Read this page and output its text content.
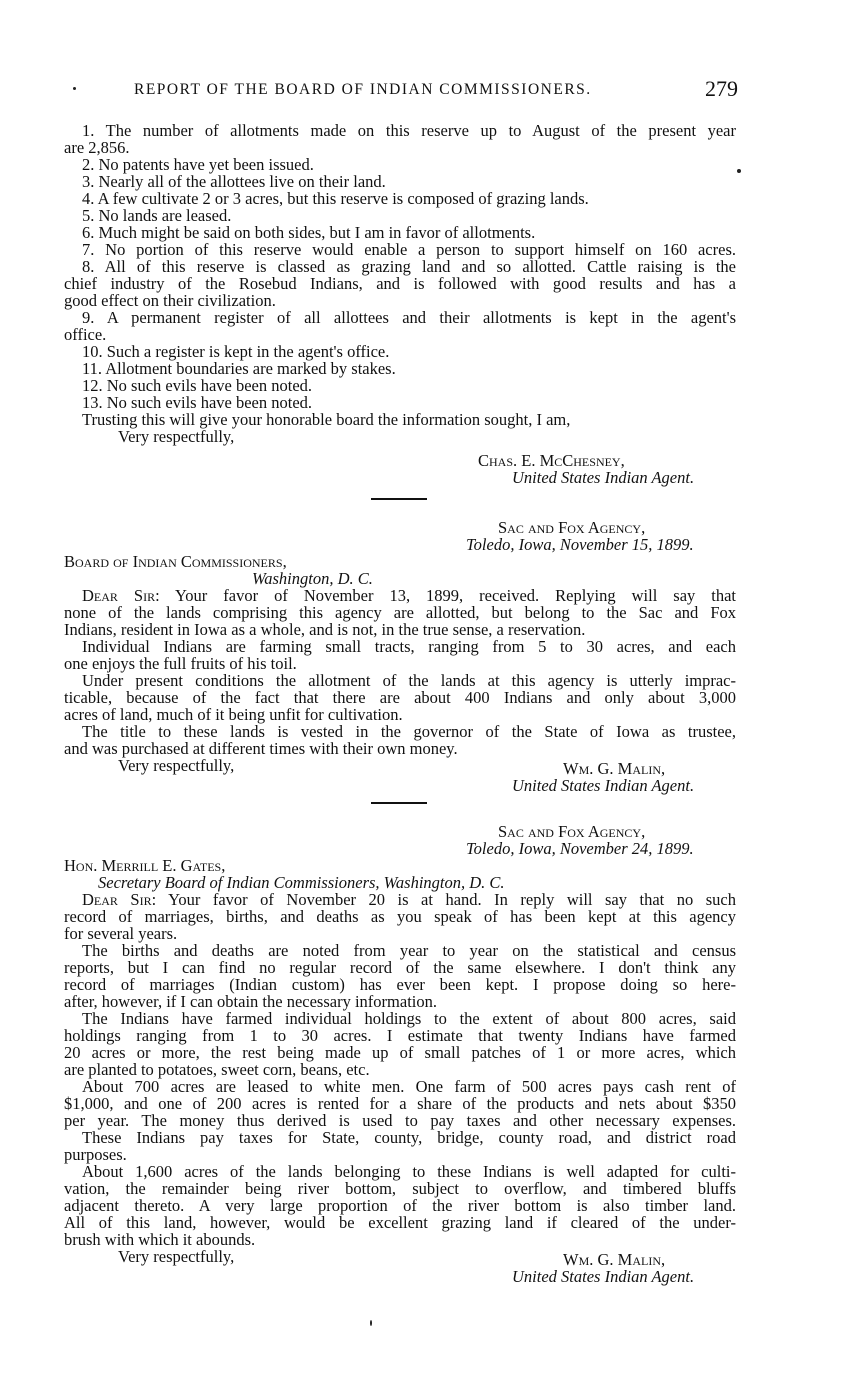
REPORT OF THE BOARD OF INDIAN COMMISSIONERS.	279
1. The number of allotments made on this reserve up to August of the present year
are 2,856.
2. No patents have yet been issued.
3. Nearly all of the allottees live on their land.
4. A few cultivate 2 or 3 acres, but this reserve is composed of grazing lands.
5. No lands are leased.
6. Much might be said on both sides, but I am in favor of allotments.
7. No portion of this reserve would enable a person to support himself on 160 acres.
8. All of this reserve is classed as grazing land and so allotted. Cattle raising is the
chief industry of the Rosebud Indians, and is followed with good results and has a
good effect on their civilization.
9. A permanent register of all allottees and their allotments is kept in the agent's
office.
10. Such a register is kept in the agent's office.
11. Allotment boundaries are marked by stakes.
12. No such evils have been noted.
13. No such evils have been noted.
Trusting this will give your honorable board the information sought, I am,
Very respectfully,
Chas. E. McChesney,
United States Indian Agent.
Sac and Fox Agency,
Toledo, Iowa, November 15, 1899.
Board of Indian Commissioners,
Washington, D. C.
Dear Sir: Your favor of November 13, 1899, received. Replying will say that
none of the lands comprising this agency are allotted, but belong to the Sac and Fox
Indians, resident in Iowa as a whole, and is not, in the true sense, a reservation.
Individual Indians are farming small tracts, ranging from 5 to 30 acres, and each
one enjoys the full fruits of his toil.
Under present conditions the allotment of the lands at this agency is utterly imprac-
ticable, because of the fact that there are about 400 Indians and only about 3,000
acres of land, much of it being unfit for cultivation.
The title to these lands is vested in the governor of the State of Iowa as trustee,
and was purchased at different times with their own money.
Very respectfully,	Wm. G. Malin,
United States Indian Agent.
Sac and Fox Agency,
Toledo, Iowa, November 24, 1899.
Hon. Merrill E. Gates,
Secretary Board of Indian Commissioners, Washington, D. C.
Dear Sir: Your favor of November 20 is at hand. In reply will say that no such
record of marriages, births, and deaths as you speak of has been kept at this agency
for several years.
The births and deaths are noted from year to year on the statistical and census
reports, but I can find no regular record of the same elsewhere. I don't think any
record of marriages (Indian custom) has ever been kept. I propose doing so here-
after, however, if I can obtain the necessary information.
The Indians have farmed individual holdings to the extent of about 800 acres, said
holdings ranging from 1 to 30 acres. I estimate that twenty Indians have farmed
20 acres or more, the rest being made up of small patches of 1 or more acres, which
are planted to potatoes, sweet corn, beans, etc.
About 700 acres are leased to white men. One farm of 500 acres pays cash rent of
$1,000, and one of 200 acres is rented for a share of the products and nets about $350
per year. The money thus derived is used to pay taxes and other necessary expenses.
These Indians pay taxes for State, county, bridge, county road, and district road
purposes.
About 1,600 acres of the lands belonging to these Indians is well adapted for culti-
vation, the remainder being river bottom, subject to overflow, and timbered bluffs
adjacent thereto. A very large proportion of the river bottom is also timber land.
All of this land, however, would be excellent grazing land if cleared of the under-
brush with which it abounds.
Very respectfully,	Wm. G. Malin,
United States Indian Agent.
